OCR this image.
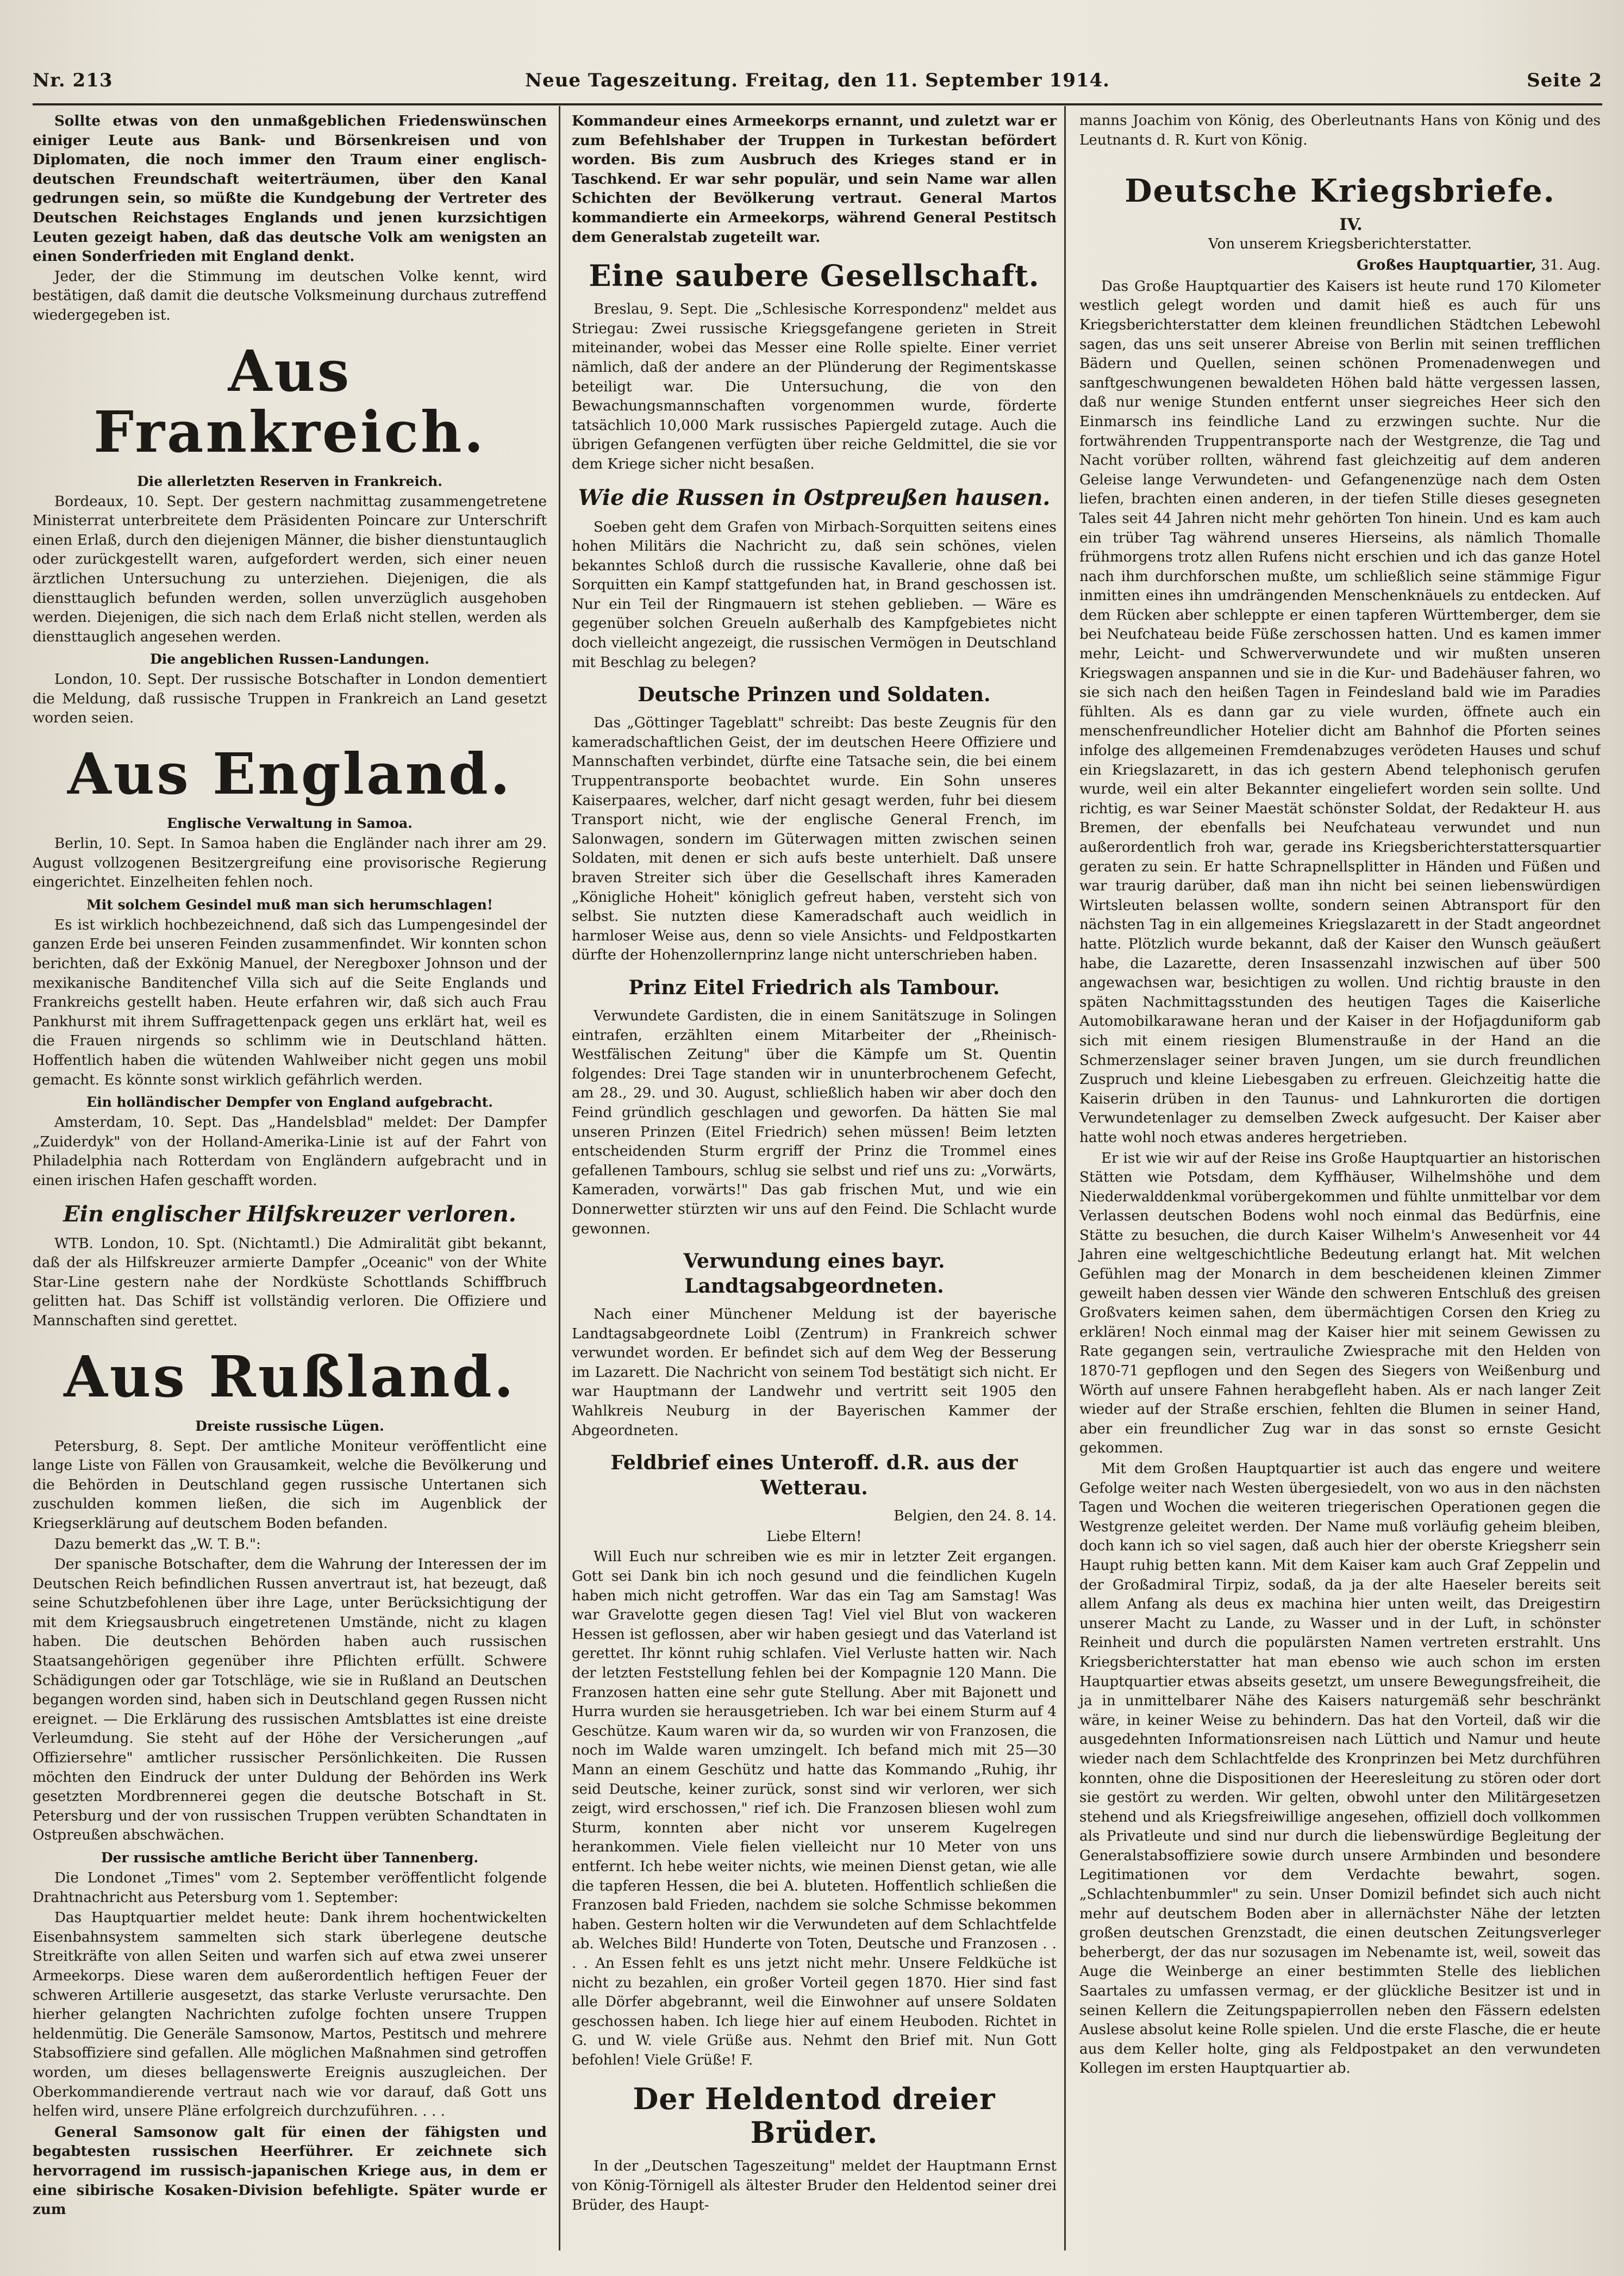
Nr. 213	Neue Tageszeitung. Freitag, den 11. September 1914.	Seite 2

Sollte etwas von den unmaßgeblichen Friedenswünschen einiger Leute aus Bank- und Börsenkreisen und von Diplomaten, die noch immer den Traum einer englisch-deutschen Freundschaft weiterträumen, über den Kanal gedrungen sein, so müßte die Kundgebung der Vertreter des Deutschen Reichstages Englands und jenen kurzsichtigen Leuten gezeigt haben, daß das deutsche Volk am wenigsten an einen Sonderfrieden mit England denkt.

Jeder, der die Stimmung im deutschen Volke kennt, wird bestätigen, daß damit die deutsche Volksmeinung durchaus zutreffend wiedergegeben ist.

Aus Frankreich.
Die allerletzten Reserven in Frankreich.

Bordeaux, 10. Sept. Der gestern nachmittag zusammengetretene Ministerrat unterbreitete dem Präsidenten Poincare zur Unterschrift einen Erlaß, durch den diejenigen Männer, die bisher dienstuntauglich oder zurückgestellt waren, aufgefordert werden, sich einer neuen ärztlichen Untersuchung zu unterziehen. Diejenigen, die als diensttauglich befunden werden, sollen unverzüglich ausgehoben werden. Diejenigen, die sich nach dem Erlaß nicht stellen, werden als diensttauglich angesehen werden.

Die angeblichen Russen-Landungen.

London, 10. Sept. Der russische Botschafter in London dementiert die Meldung, daß russische Truppen in Frankreich an Land gesetzt worden seien.

Aus England.
Englische Verwaltung in Samoa.

Berlin, 10. Sept. In Samoa haben die Engländer nach ihrer am 29. August vollzogenen Besitzergreifung eine provisorische Regierung eingerichtet. Einzelheiten fehlen noch.

Mit solchem Gesindel muß man sich herumschlagen!

Es ist wirklich hochbezeichnend, daß sich das Lumpengesindel der ganzen Erde bei unseren Feinden zusammenfindet. Wir konnten schon berichten, daß der Exkönig Manuel, der Neregboxer Johnson und der mexikanische Banditenchef Villa sich auf die Seite Englands und Frankreichs gestellt haben. Heute erfahren wir, daß sich auch Frau Pankhurst mit ihrem Suffragettenpack gegen uns erklärt hat, weil es die Frauen nirgends so schlimm wie in Deutschland hätten. Hoffentlich haben die wütenden Wahlweiber nicht gegen uns mobil gemacht. Es könnte sonst wirklich gefährlich werden.

Ein holländischer Dempfer von England aufgebracht.

Amsterdam, 10. Sept. Das „Handelsblad" meldet: Der Dampfer „Zuiderdyk" von der Holland-Amerika-Linie ist auf der Fahrt von Philadelphia nach Rotterdam von Engländern aufgebracht und in einen irischen Hafen geschafft worden.

Ein englischer Hilfskreuzer verloren.

WTB. London, 10. Spt. (Nichtamtl.) Die Admiralität gibt bekannt, daß der als Hilfskreuzer armierte Dampfer „Oceanic" von der White Star-Line gestern nahe der Nordküste Schottlands Schiffbruch gelitten hat. Das Schiff ist vollständig verloren. Die Offiziere und Mannschaften sind gerettet.

Aus Rußland.
Dreiste russische Lügen.

Petersburg, 8. Sept. Der amtliche Moniteur veröffentlicht eine lange Liste von Fällen von Grausamkeit, welche die Bevölkerung und die Behörden in Deutschland gegen russische Untertanen sich zuschulden kommen ließen, die sich im Augenblick der Kriegserklärung auf deutschem Boden befanden.

Dazu bemerkt das „W. T. B.":

Der spanische Botschafter, dem die Wahrung der Interessen der im Deutschen Reich befindlichen Russen anvertraut ist, hat bezeugt, daß seine Schutzbefohlenen über ihre Lage, unter Berücksichtigung der mit dem Kriegsausbruch eingetretenen Umstände, nicht zu klagen haben. Die deutschen Behörden haben auch russischen Staatsangehörigen gegenüber ihre Pflichten erfüllt. Schwere Schädigungen oder gar Totschläge, wie sie in Rußland an Deutschen begangen worden sind, haben sich in Deutschland gegen Russen nicht ereignet. — Die Erklärung des russischen Amtsblattes ist eine dreiste Verleumdung. Sie steht auf der Höhe der Versicherungen „auf Offiziersehre" amtlicher russischer Persönlichkeiten. Die Russen möchten den Eindruck der unter Duldung der Behörden ins Werk gesetzten Mordbrennerei gegen die deutsche Botschaft in St. Petersburg und der von russischen Truppen verübten Schandtaten in Ostpreußen abschwächen.

Der russische amtliche Bericht über Tannenberg.

Die Londonet „Times" vom 2. September veröffentlicht folgende Drahtnachricht aus Petersburg vom 1. September:

Das Hauptquartier meldet heute: Dank ihrem hochentwickelten Eisenbahnsystem sammelten sich stark überlegene deutsche Streitkräfte von allen Seiten und warfen sich auf etwa zwei unserer Armeekorps. Diese waren dem außerordentlich heftigen Feuer der schweren Artillerie ausgesetzt, das starke Verluste verursachte. Den hierher gelangten Nachrichten zufolge fochten unsere Truppen heldenmütig. Die Generäle Samsonow, Martos, Pestitsch und mehrere Stabsoffiziere sind gefallen. Alle möglichen Maßnahmen sind getroffen worden, um dieses bellagenswerte Ereignis auszugleichen. Der Oberkommandierende vertraut nach wie vor darauf, daß Gott uns helfen wird, unsere Pläne erfolgreich durchzuführen. . . .

General Samsonow galt für einen der fähigsten und begabtesten russischen Heerführer. Er zeichnete sich hervorragend im russisch-japanischen Kriege aus, in dem er eine sibirische Kosaken-Division befehligte. Später wurde er zum

Kommandeur eines Armeekorps ernannt, und zuletzt war er zum Befehlshaber der Truppen in Turkestan befördert worden. Bis zum Ausbruch des Krieges stand er in Taschkend. Er war sehr populär, und sein Name war allen Schichten der Bevölkerung vertraut. General Martos kommandierte ein Armeekorps, während General Pestitsch dem Generalstab zugeteilt war.

Eine saubere Gesellschaft.

Breslau, 9. Sept. Die „Schlesische Korrespondenz" meldet aus Striegau: Zwei russische Kriegsgefangene gerieten in Streit miteinander, wobei das Messer eine Rolle spielte. Einer verriet nämlich, daß der andere an der Plünderung der Regimentskasse beteiligt war. Die Untersuchung, die von den Bewachungsmannschaften vorgenommen wurde, förderte tatsächlich 10,000 Mark russisches Papiergeld zutage. Auch die übrigen Gefangenen verfügten über reiche Geldmittel, die sie vor dem Kriege sicher nicht besaßen.

Wie die Russen in Ostpreußen hausen.

Soeben geht dem Grafen von Mirbach-Sorquitten seitens eines hohen Militärs die Nachricht zu, daß sein schönes, vielen bekanntes Schloß durch die russische Kavallerie, ohne daß bei Sorquitten ein Kampf stattgefunden hat, in Brand geschossen ist. Nur ein Teil der Ringmauern ist stehen geblieben. — Wäre es gegenüber solchen Greueln außerhalb des Kampfgebietes nicht doch vielleicht angezeigt, die russischen Vermögen in Deutschland mit Beschlag zu belegen?

Deutsche Prinzen und Soldaten.

Das „Göttinger Tageblatt" schreibt: Das beste Zeugnis für den kameradschaftlichen Geist, der im deutschen Heere Offiziere und Mannschaften verbindet, dürfte eine Tatsache sein, die bei einem Truppentransporte beobachtet wurde. Ein Sohn unseres Kaiserpaares, welcher, darf nicht gesagt werden, fuhr bei diesem Transport nicht, wie der englische General French, im Salonwagen, sondern im Güterwagen mitten zwischen seinen Soldaten, mit denen er sich aufs beste unterhielt. Daß unsere braven Streiter sich über die Gesellschaft ihres Kameraden „Königliche Hoheit" königlich gefreut haben, versteht sich von selbst. Sie nutzten diese Kameradschaft auch weidlich in harmloser Weise aus, denn so viele Ansichts- und Feldpostkarten dürfte der Hohenzollernprinz lange nicht unterschrieben haben.

Prinz Eitel Friedrich als Tambour.

Verwundete Gardisten, die in einem Sanitätszuge in Solingen eintrafen, erzählten einem Mitarbeiter der „Rheinisch-Westfälischen Zeitung" über die Kämpfe um St. Quentin folgendes: Drei Tage standen wir in ununterbrochenem Gefecht, am 28., 29. und 30. August, schließlich haben wir aber doch den Feind gründlich geschlagen und geworfen. Da hätten Sie mal unseren Prinzen (Eitel Friedrich) sehen müssen! Beim letzten entscheidenden Sturm ergriff der Prinz die Trommel eines gefallenen Tambours, schlug sie selbst und rief uns zu: „Vorwärts, Kameraden, vorwärts!" Das gab frischen Mut, und wie ein Donnerwetter stürzten wir uns auf den Feind. Die Schlacht wurde gewonnen.

Verwundung eines bayr. Landtagsabgeordneten.

Nach einer Münchener Meldung ist der bayerische Landtagsabgeordnete Loibl (Zentrum) in Frankreich schwer verwundet worden. Er befindet sich auf dem Weg der Besserung im Lazarett. Die Nachricht von seinem Tod bestätigt sich nicht. Er war Hauptmann der Landwehr und vertritt seit 1905 den Wahlkreis Neuburg in der Bayerischen Kammer der Abgeordneten.

Feldbrief eines Unteroff. d.R. aus der Wetterau.

Belgien, den 24. 8. 14.

Liebe Eltern!

Will Euch nur schreiben wie es mir in letzter Zeit ergangen. Gott sei Dank bin ich noch gesund und die feindlichen Kugeln haben mich nicht getroffen. War das ein Tag am Samstag! Was war Gravelotte gegen diesen Tag! Viel viel Blut von wackeren Hessen ist geflossen, aber wir haben gesiegt und das Vaterland ist gerettet. Ihr könnt ruhig schlafen. Viel Verluste hatten wir. Nach der letzten Feststellung fehlen bei der Kompagnie 120 Mann. Die Franzosen hatten eine sehr gute Stellung. Aber mit Bajonett und Hurra wurden sie herausgetrieben. Ich war bei einem Sturm auf 4 Geschütze. Kaum waren wir da, so wurden wir von Franzosen, die noch im Walde waren umzingelt. Ich befand mich mit 25—30 Mann an einem Geschütz und hatte das Kommando „Ruhig, ihr seid Deutsche, keiner zurück, sonst sind wir verloren, wer sich zeigt, wird erschossen," rief ich. Die Franzosen bliesen wohl zum Sturm, konnten aber nicht vor unserem Kugelregen herankommen. Viele fielen vielleicht nur 10 Meter von uns entfernt. Ich hebe weiter nichts, wie meinen Dienst getan, wie alle die tapferen Hessen, die bei A. bluteten. Hoffentlich schließen die Franzosen bald Frieden, nachdem sie solche Schmisse bekommen haben. Gestern holten wir die Verwundeten auf dem Schlachtfelde ab. Welches Bild! Hunderte von Toten, Deutsche und Franzosen . . . . An Essen fehlt es uns jetzt nicht mehr. Unsere Feldküche ist nicht zu bezahlen, ein großer Vorteil gegen 1870. Hier sind fast alle Dörfer abgebrannt, weil die Einwohner auf unsere Soldaten geschossen haben. Ich liege hier auf einem Heuboden. Richtet in G. und W. viele Grüße aus. Nehmt den Brief mit. Nun Gott befohlen! Viele Grüße! F.

Der Heldentod dreier Brüder.

In der „Deutschen Tageszeitung" meldet der Hauptmann Ernst von König-Törnigell als ältester Bruder den Heldentod seiner drei Brüder, des Haupt-

manns Joachim von König, des Oberleutnants Hans von König und des Leutnants d. R. Kurt von König.

Deutsche Kriegsbriefe.

IV.

Von unserem Kriegsberichterstatter.

Großes Hauptquartier, 31. Aug.

Das Große Hauptquartier des Kaisers ist heute rund 170 Kilometer westlich gelegt worden und damit hieß es auch für uns Kriegsberichterstatter dem kleinen freundlichen Städtchen Lebewohl sagen, das uns seit unserer Abreise von Berlin mit seinen trefflichen Bädern und Quellen, seinen schönen Promenadenwegen und sanftgeschwungenen bewaldeten Höhen bald hätte vergessen lassen, daß nur wenige Stunden entfernt unser siegreiches Heer sich den Einmarsch ins feindliche Land zu erzwingen suchte. Nur die fortwährenden Truppentransporte nach der Westgrenze, die Tag und Nacht vorüber rollten, während fast gleichzeitig auf dem anderen Geleise lange Verwundeten- und Gefangenenzüge nach dem Osten liefen, brachten einen anderen, in der tiefen Stille dieses gesegneten Tales seit 44 Jahren nicht mehr gehörten Ton hinein. Und es kam auch ein trüber Tag während unseres Hierseins, als nämlich Thomalle frühmorgens trotz allen Rufens nicht erschien und ich das ganze Hotel nach ihm durchforschen mußte, um schließlich seine stämmige Figur inmitten eines ihn umdrängenden Menschenknäuels zu entdecken. Auf dem Rücken aber schleppte er einen tapferen Württemberger, dem sie bei Neufchateau beide Füße zerschossen hatten. Und es kamen immer mehr, Leicht- und Schwerverwundete und wir mußten unseren Kriegswagen anspannen und sie in die Kur- und Badehäuser fahren, wo sie sich nach den heißen Tagen in Feindesland bald wie im Paradies fühlten. Als es dann gar zu viele wurden, öffnete auch ein menschenfreundlicher Hotelier dicht am Bahnhof die Pforten seines infolge des allgemeinen Fremdenabzuges verödeten Hauses und schuf ein Kriegslazarett, in das ich gestern Abend telephonisch gerufen wurde, weil ein alter Bekannter eingeliefert worden sein sollte. Und richtig, es war Seiner Maestät schönster Soldat, der Redakteur H. aus Bremen, der ebenfalls bei Neufchateau verwundet und nun außerordentlich froh war, gerade ins Kriegsberichterstattersquartier geraten zu sein. Er hatte Schrapnellsplitter in Händen und Füßen und war traurig darüber, daß man ihn nicht bei seinen liebenswürdigen Wirtsleuten belassen wollte, sondern seinen Abtransport für den nächsten Tag in ein allgemeines Kriegslazarett in der Stadt angeordnet hatte. Plötzlich wurde bekannt, daß der Kaiser den Wunsch geäußert habe, die Lazarette, deren Insassenzahl inzwischen auf über 500 angewachsen war, besichtigen zu wollen. Und richtig brauste in den späten Nachmittagsstunden des heutigen Tages die Kaiserliche Automobilkarawane heran und der Kaiser in der Hofjagduniform gab sich mit einem riesigen Blumenstrauße in der Hand an die Schmerzenslager seiner braven Jungen, um sie durch freundlichen Zuspruch und kleine Liebesgaben zu erfreuen. Gleichzeitig hatte die Kaiserin drüben in den Taunus- und Lahnkurorten die dortigen Verwundetenlager zu demselben Zweck aufgesucht. Der Kaiser aber hatte wohl noch etwas anderes hergetrieben.

Er ist wie wir auf der Reise ins Große Hauptquartier an historischen Stätten wie Potsdam, dem Kyffhäuser, Wilhelmshöhe und dem Niederwalddenkmal vorübergekommen und fühlte unmittelbar vor dem Verlassen deutschen Bodens wohl noch einmal das Bedürfnis, eine Stätte zu besuchen, die durch Kaiser Wilhelm's Anwesenheit vor 44 Jahren eine weltgeschichtliche Bedeutung erlangt hat. Mit welchen Gefühlen mag der Monarch in dem bescheidenen kleinen Zimmer geweilt haben dessen vier Wände den schweren Entschluß des greisen Großvaters keimen sahen, dem übermächtigen Corsen den Krieg zu erklären! Noch einmal mag der Kaiser hier mit seinem Gewissen zu Rate gegangen sein, vertrauliche Zwiesprache mit den Helden von 1870-71 gepflogen und den Segen des Siegers von Weißenburg und Wörth auf unsere Fahnen herabgefleht haben. Als er nach langer Zeit wieder auf der Straße erschien, fehlten die Blumen in seiner Hand, aber ein freundlicher Zug war in das sonst so ernste Gesicht gekommen.

Mit dem Großen Hauptquartier ist auch das engere und weitere Gefolge weiter nach Westen übergesiedelt, von wo aus in den nächsten Tagen und Wochen die weiteren triegerischen Operationen gegen die Westgrenze geleitet werden. Der Name muß vorläufig geheim bleiben, doch kann ich so viel sagen, daß auch hier der oberste Kriegsherr sein Haupt ruhig betten kann. Mit dem Kaiser kam auch Graf Zeppelin und der Großadmiral Tirpiz, sodaß, da ja der alte Haeseler bereits seit allem Anfang als deus ex machina hier unten weilt, das Dreigestirn unserer Macht zu Lande, zu Wasser und in der Luft, in schönster Reinheit und durch die populärsten Namen vertreten erstrahlt. Uns Kriegsberichterstatter hat man ebenso wie auch schon im ersten Hauptquartier etwas abseits gesetzt, um unsere Bewegungsfreiheit, die ja in unmittelbarer Nähe des Kaisers naturgemäß sehr beschränkt wäre, in keiner Weise zu behindern. Das hat den Vorteil, daß wir die ausgedehnten Informationsreisen nach Lüttich und Namur und heute wieder nach dem Schlachtfelde des Kronprinzen bei Metz durchführen konnten, ohne die Dispositionen der Heeresleitung zu stören oder dort sie gestört zu werden. Wir gelten, obwohl unter den Militärgesetzen stehend und als Kriegsfreiwillige angesehen, offiziell doch vollkommen als Privatleute und sind nur durch die liebenswürdige Begleitung der Generalstabsoffiziere sowie durch unsere Armbinden und besondere Legitimationen vor dem Verdachte bewahrt, sogen. „Schlachtenbummler" zu sein. Unser Domizil befindet sich auch nicht mehr auf deutschem Boden aber in allernächster Nähe der letzten großen deutschen Grenzstadt, die einen deutschen Zeitungsverleger beherbergt, der das nur sozusagen im Nebenamte ist, weil, soweit das Auge die Weinberge an einer bestimmten Stelle des lieblichen Saartales zu umfassen vermag, er der glückliche Besitzer ist und in seinen Kellern die Zeitungspapierrollen neben den Fässern edelsten Auslese absolut keine Rolle spielen. Und die erste Flasche, die er heute aus dem Keller holte, ging als Feldpostpaket an den verwundeten Kollegen im ersten Hauptquartier ab.
